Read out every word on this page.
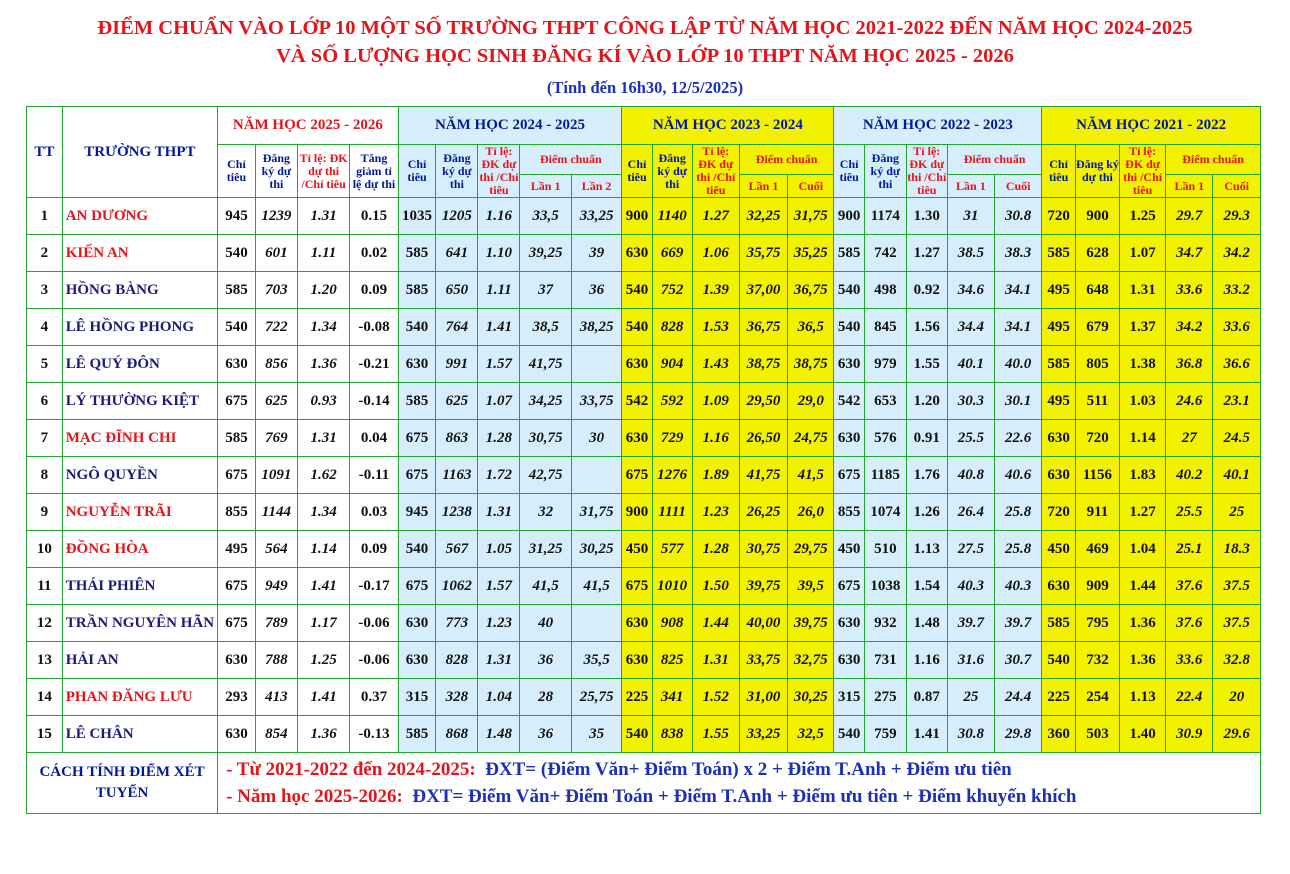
ĐIỂM CHUẨN VÀO LỚP 10 MỘT SỐ TRƯỜNG THPT CÔNG LẬP TỪ NĂM HỌC 2021-2022 ĐẾN NĂM HỌC 2024-2025
VÀ SỐ LƯỢNG HỌC SINH ĐĂNG KÍ VÀO LỚP 10 THPT NĂM HỌC 2025 - 2026
(Tính đến 16h30, 12/5/2025)
TT	TRƯỜNG THPT	NĂM HỌC 2025 - 2026				NĂM HỌC 2024 - 2025					NĂM HỌC 2023 - 2024					NĂM HỌC 2022 - 2023					NĂM HỌC 2021 - 2022				
		Chỉ tiêu	Đăng ký dự thi	Tỉ lệ: ĐK dự thi /Chỉ tiêu	Tăng giảm tỉ lệ dự thi	Chỉ tiêu	Đăng ký dự thi	Tỉ lệ: ĐK dự thi /Chỉ tiêu	Điểm chuẩn		Chỉ tiêu	Đăng ký dự thi	Tỉ lệ: ĐK dự thi /Chỉ tiêu	Điểm chuẩn		Chỉ tiêu	Đăng ký dự thi	Tỉ lệ: ĐK dự thi /Chỉ tiêu	Điểm chuẩn		Chỉ tiêu	Đăng ký dự thi	Tỉ lệ: ĐK dự thi /Chỉ tiêu	Điểm chuẩn	
									Lần 1	Lần 2				Lần 1	Cuối				Lần 1	Cuối				Lần 1	Cuối
1	AN DƯƠNG	945	1239	1.31	0.15	1035	1205	1.16	33,5	33,25	900	1140	1.27	32,25	31,75	900	1174	1.30	31	30.8	720	900	1.25	29.7	29.3
2	KIẾN AN	540	601	1.11	0.02	585	641	1.10	39,25	39	630	669	1.06	35,75	35,25	585	742	1.27	38.5	38.3	585	628	1.07	34.7	34.2
3	HỒNG BÀNG	585	703	1.20	0.09	585	650	1.11	37	36	540	752	1.39	37,00	36,75	540	498	0.92	34.6	34.1	495	648	1.31	33.6	33.2
4	LÊ HỒNG PHONG	540	722	1.34	-0.08	540	764	1.41	38,5	38,25	540	828	1.53	36,75	36,5	540	845	1.56	34.4	34.1	495	679	1.37	34.2	33.6
5	LÊ QUÝ ĐÔN	630	856	1.36	-0.21	630	991	1.57	41,75		630	904	1.43	38,75	38,75	630	979	1.55	40.1	40.0	585	805	1.38	36.8	36.6
6	LÝ THƯỜNG KIỆT	675	625	0.93	-0.14	585	625	1.07	34,25	33,75	542	592	1.09	29,50	29,0	542	653	1.20	30.3	30.1	495	511	1.03	24.6	23.1
7	MẠC ĐĨNH CHI	585	769	1.31	0.04	675	863	1.28	30,75	30	630	729	1.16	26,50	24,75	630	576	0.91	25.5	22.6	630	720	1.14	27	24.5
8	NGÔ QUYỀN	675	1091	1.62	-0.11	675	1163	1.72	42,75		675	1276	1.89	41,75	41,5	675	1185	1.76	40.8	40.6	630	1156	1.83	40.2	40.1
9	NGUYỄN TRÃI	855	1144	1.34	0.03	945	1238	1.31	32	31,75	900	1111	1.23	26,25	26,0	855	1074	1.26	26.4	25.8	720	911	1.27	25.5	25
10	ĐỒNG HÒA	495	564	1.14	0.09	540	567	1.05	31,25	30,25	450	577	1.28	30,75	29,75	450	510	1.13	27.5	25.8	450	469	1.04	25.1	18.3
11	THÁI PHIÊN	675	949	1.41	-0.17	675	1062	1.57	41,5	41,5	675	1010	1.50	39,75	39,5	675	1038	1.54	40.3	40.3	630	909	1.44	37.6	37.5
12	TRẦN NGUYÊN HÃN	675	789	1.17	-0.06	630	773	1.23	40		630	908	1.44	40,00	39,75	630	932	1.48	39.7	39.7	585	795	1.36	37.6	37.5
13	HẢI AN	630	788	1.25	-0.06	630	828	1.31	36	35,5	630	825	1.31	33,75	32,75	630	731	1.16	31.6	30.7	540	732	1.36	33.6	32.8
14	PHAN ĐĂNG LƯU	293	413	1.41	0.37	315	328	1.04	28	25,75	225	341	1.52	31,00	30,25	315	275	0.87	25	24.4	225	254	1.13	22.4	20
15	LÊ CHÂN	630	854	1.36	-0.13	585	868	1.48	36	35	540	838	1.55	33,25	32,5	540	759	1.41	30.8	29.8	360	503	1.40	30.9	29.6
CÁCH TÍNH ĐIỂM XÉT TUYỂN		- Từ 2021-2022 đến 2024-2025: ĐXT= (Điểm Văn+ Điểm Toán) x 2 + Điểm T.Anh + Điểm ưu tiên
- Năm học 2025-2026: ĐXT= Điểm Văn+ Điểm Toán + Điểm T.Anh + Điểm ưu tiên + Điểm khuyến khích																							
